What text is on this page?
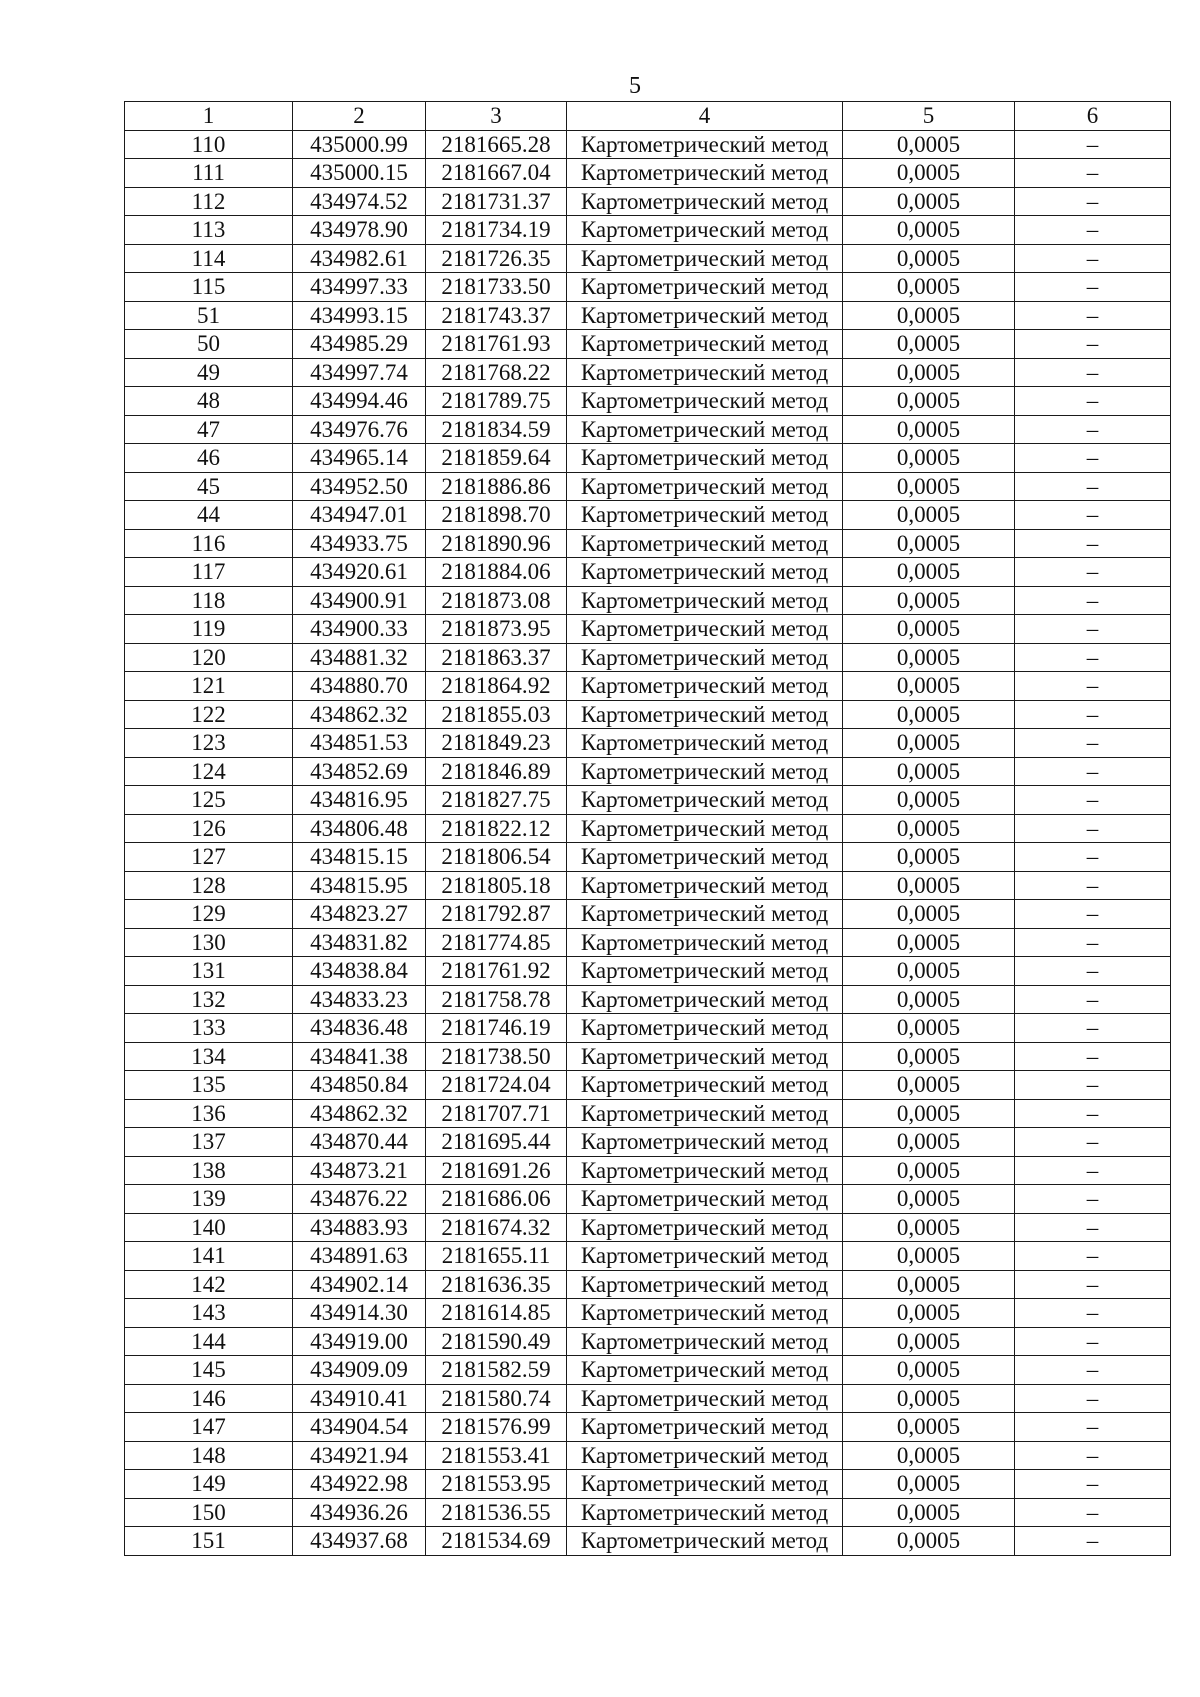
5
1	2	3	4	5	6
110	435000.99	2181665.28	Картометрический метод	0,0005	–
111	435000.15	2181667.04	Картометрический метод	0,0005	–
112	434974.52	2181731.37	Картометрический метод	0,0005	–
113	434978.90	2181734.19	Картометрический метод	0,0005	–
114	434982.61	2181726.35	Картометрический метод	0,0005	–
115	434997.33	2181733.50	Картометрический метод	0,0005	–
51	434993.15	2181743.37	Картометрический метод	0,0005	–
50	434985.29	2181761.93	Картометрический метод	0,0005	–
49	434997.74	2181768.22	Картометрический метод	0,0005	–
48	434994.46	2181789.75	Картометрический метод	0,0005	–
47	434976.76	2181834.59	Картометрический метод	0,0005	–
46	434965.14	2181859.64	Картометрический метод	0,0005	–
45	434952.50	2181886.86	Картометрический метод	0,0005	–
44	434947.01	2181898.70	Картометрический метод	0,0005	–
116	434933.75	2181890.96	Картометрический метод	0,0005	–
117	434920.61	2181884.06	Картометрический метод	0,0005	–
118	434900.91	2181873.08	Картометрический метод	0,0005	–
119	434900.33	2181873.95	Картометрический метод	0,0005	–
120	434881.32	2181863.37	Картометрический метод	0,0005	–
121	434880.70	2181864.92	Картометрический метод	0,0005	–
122	434862.32	2181855.03	Картометрический метод	0,0005	–
123	434851.53	2181849.23	Картометрический метод	0,0005	–
124	434852.69	2181846.89	Картометрический метод	0,0005	–
125	434816.95	2181827.75	Картометрический метод	0,0005	–
126	434806.48	2181822.12	Картометрический метод	0,0005	–
127	434815.15	2181806.54	Картометрический метод	0,0005	–
128	434815.95	2181805.18	Картометрический метод	0,0005	–
129	434823.27	2181792.87	Картометрический метод	0,0005	–
130	434831.82	2181774.85	Картометрический метод	0,0005	–
131	434838.84	2181761.92	Картометрический метод	0,0005	–
132	434833.23	2181758.78	Картометрический метод	0,0005	–
133	434836.48	2181746.19	Картометрический метод	0,0005	–
134	434841.38	2181738.50	Картометрический метод	0,0005	–
135	434850.84	2181724.04	Картометрический метод	0,0005	–
136	434862.32	2181707.71	Картометрический метод	0,0005	–
137	434870.44	2181695.44	Картометрический метод	0,0005	–
138	434873.21	2181691.26	Картометрический метод	0,0005	–
139	434876.22	2181686.06	Картометрический метод	0,0005	–
140	434883.93	2181674.32	Картометрический метод	0,0005	–
141	434891.63	2181655.11	Картометрический метод	0,0005	–
142	434902.14	2181636.35	Картометрический метод	0,0005	–
143	434914.30	2181614.85	Картометрический метод	0,0005	–
144	434919.00	2181590.49	Картометрический метод	0,0005	–
145	434909.09	2181582.59	Картометрический метод	0,0005	–
146	434910.41	2181580.74	Картометрический метод	0,0005	–
147	434904.54	2181576.99	Картометрический метод	0,0005	–
148	434921.94	2181553.41	Картометрический метод	0,0005	–
149	434922.98	2181553.95	Картометрический метод	0,0005	–
150	434936.26	2181536.55	Картометрический метод	0,0005	–
151	434937.68	2181534.69	Картометрический метод	0,0005	–
